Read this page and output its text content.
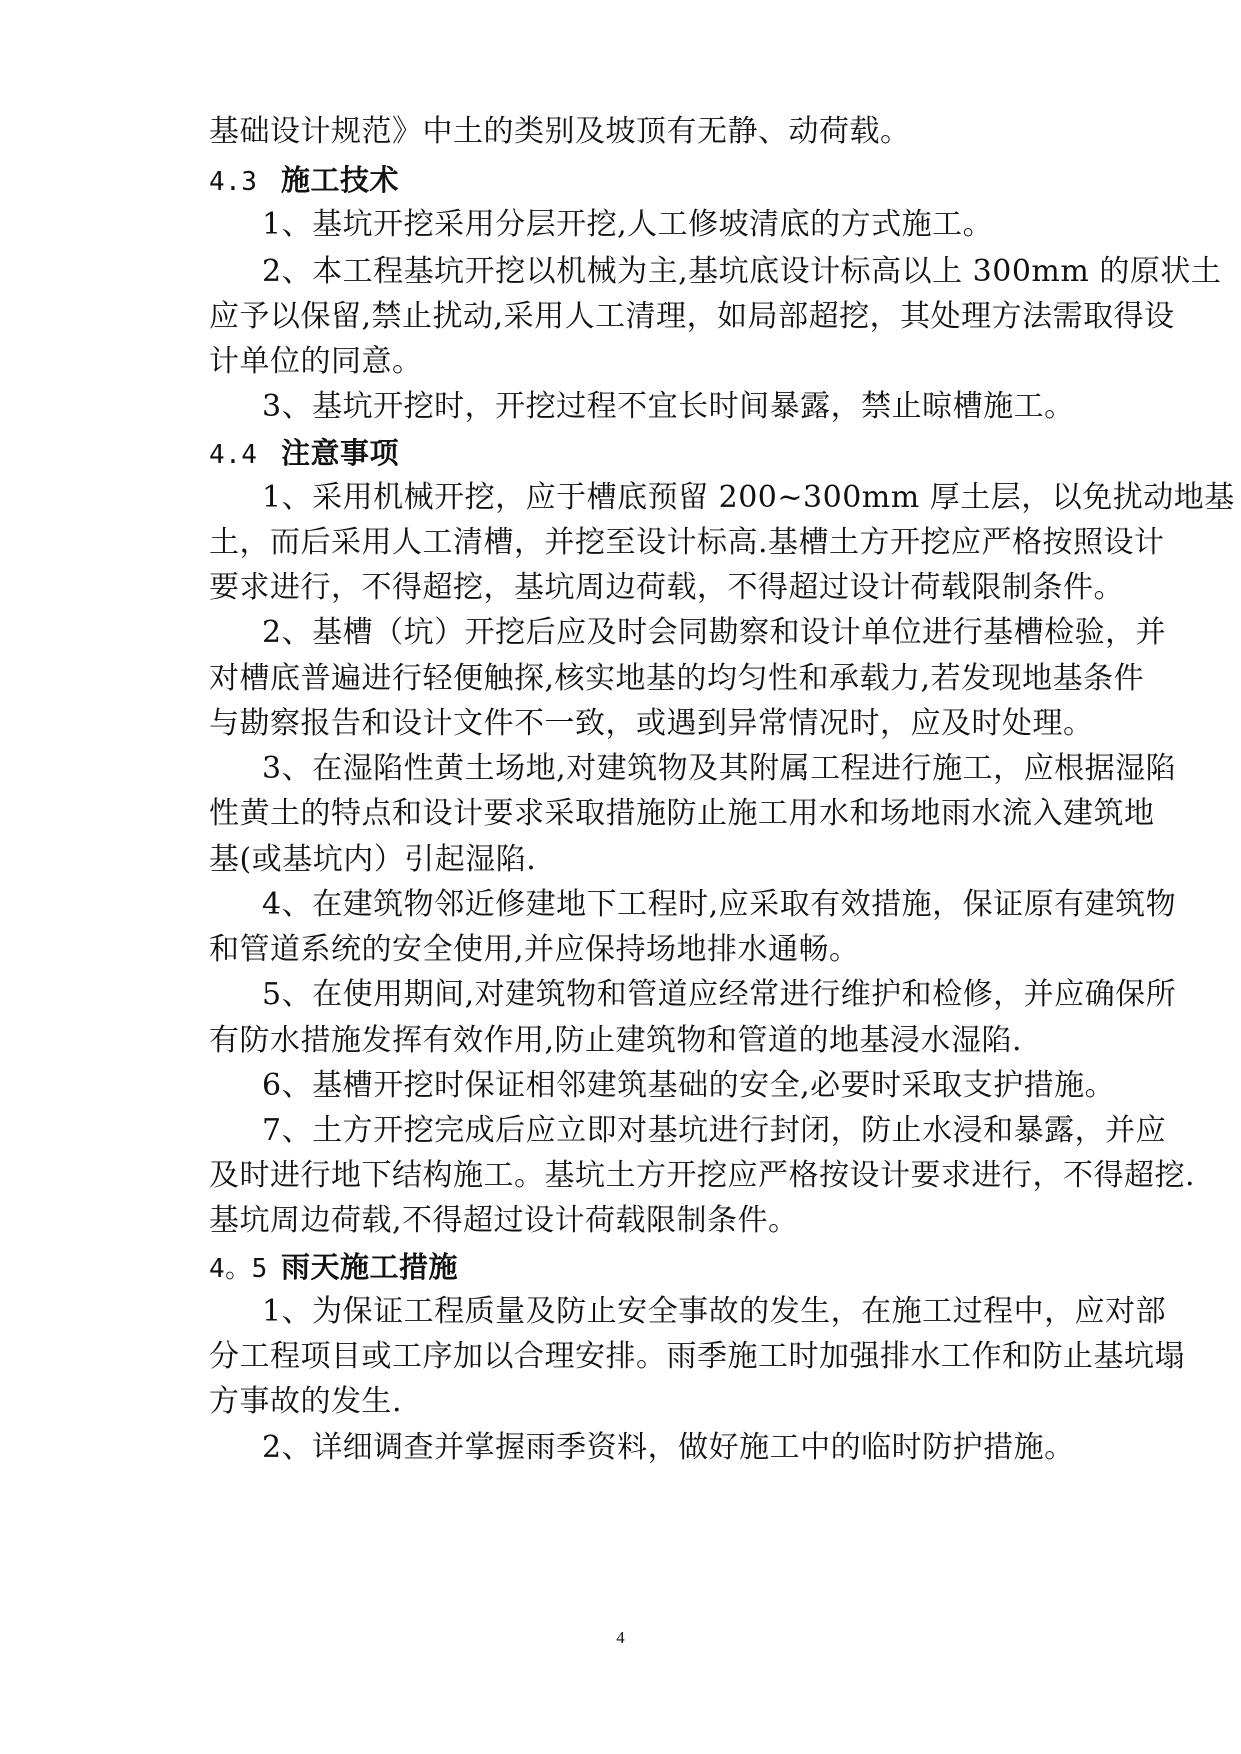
基础设计规范》中土的类别及坡顶有无静、动荷载。
4.3 施工技术
1、基坑开挖采用分层开挖,人工修坡清底的方式施工。
2、本工程基坑开挖以机械为主,基坑底设计标高以上 300mm 的原状土
应予以保留,禁止扰动,采用人工清理，如局部超挖，其处理方法需取得设
计单位的同意。
3、基坑开挖时，开挖过程不宜长时间暴露，禁止晾槽施工。
4.4 注意事项
1、采用机械开挖，应于槽底预留 200~300mm 厚土层，以免扰动地基
土，而后采用人工清槽，并挖至设计标高.基槽土方开挖应严格按照设计
要求进行，不得超挖，基坑周边荷载，不得超过设计荷载限制条件。
2、基槽（坑）开挖后应及时会同勘察和设计单位进行基槽检验，并
对槽底普遍进行轻便触探,核实地基的均匀性和承载力,若发现地基条件
与勘察报告和设计文件不一致，或遇到异常情况时，应及时处理。
3、在湿陷性黄土场地,对建筑物及其附属工程进行施工，应根据湿陷
性黄土的特点和设计要求采取措施防止施工用水和场地雨水流入建筑地
基(或基坑内）引起湿陷.
4、在建筑物邻近修建地下工程时,应采取有效措施，保证原有建筑物
和管道系统的安全使用,并应保持场地排水通畅。
5、在使用期间,对建筑物和管道应经常进行维护和检修，并应确保所
有防水措施发挥有效作用,防止建筑物和管道的地基浸水湿陷.
6、基槽开挖时保证相邻建筑基础的安全,必要时采取支护措施。
7、土方开挖完成后应立即对基坑进行封闭，防止水浸和暴露，并应
及时进行地下结构施工。基坑土方开挖应严格按设计要求进行，不得超挖.
基坑周边荷载,不得超过设计荷载限制条件。
4。5 雨天施工措施
1、为保证工程质量及防止安全事故的发生，在施工过程中，应对部
分工程项目或工序加以合理安排。雨季施工时加强排水工作和防止基坑塌
方事故的发生.
2、详细调查并掌握雨季资料，做好施工中的临时防护措施。
4
